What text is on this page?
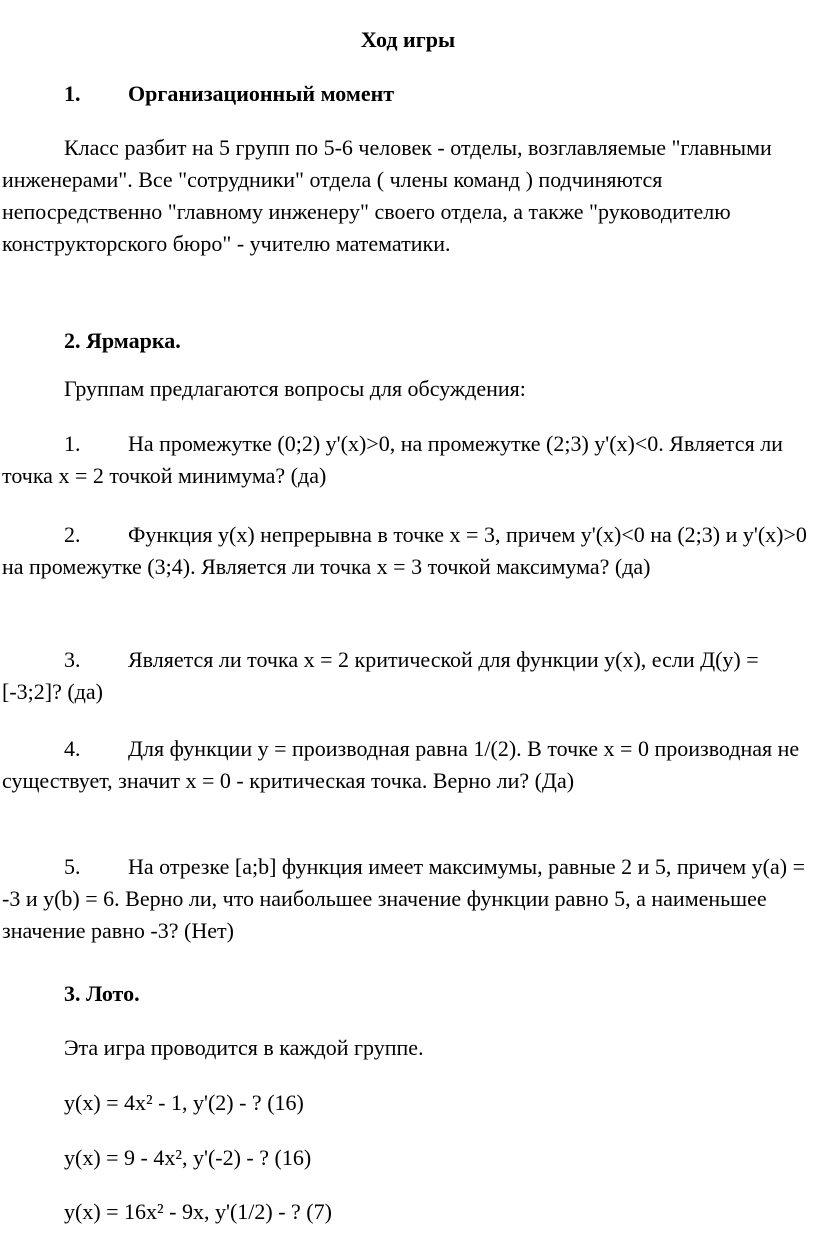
Ход игры
1. Организационный момент

Класс разбит на 5 групп по 5-6 человек - отделы, возглавляемые "главными инженерами". Все "сотрудники" отдела ( члены команд ) подчиняются непосредственно "главному инженеру" своего отдела, а также "руководителю конструкторского бюро" - учителю математики.

2. Ярмарка.

Группам предлагаются вопросы для обсуждения:

1. На промежутке (0;2) y'(x)>0, на промежутке (2;3) y'(x)<0. Является ли точка x = 2 точкой минимума? (да)

2. Функция y(x) непрерывна в точке x = 3, причем y'(x)<0 на (2;3) и y'(x)>0 на промежутке (3;4). Является ли точка x = 3 точкой максимума? (да)

3. Является ли точка x = 2 критической для функции y(x), если Д(y) = [-3;2]? (да)

4. Для функции y = производная равна 1/(2). В точке x = 0 производная не существует, значит x = 0 - критическая точка. Верно ли? (Да)

5. На отрезке [a;b] функция имеет максимумы, равные 2 и 5, причем y(a) = -3 и y(b) = 6. Верно ли, что наибольшее значение функции равно 5, а наименьшее значение равно -3? (Нет)

3. Лото.
Эта игра проводится в каждой группе.
y(x) = 4x² - 1, y'(2) - ? (16)
y(x) = 9 - 4x², y'(-2) - ? (16)
y(x) = 16x² - 9x, y'(1/2) - ? (7)
